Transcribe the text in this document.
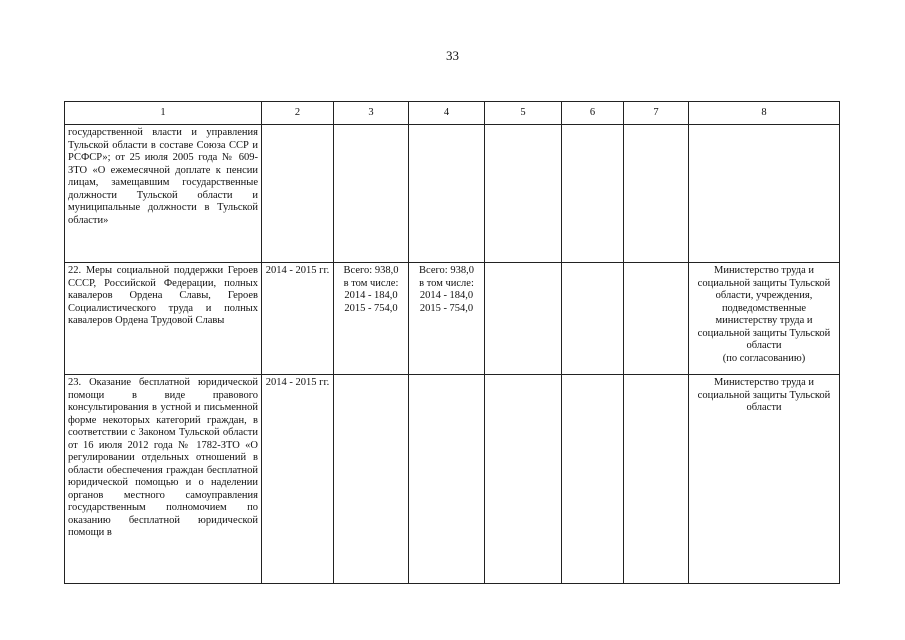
33
1	2	3	4	5	6	7	8
государственной власти и управления Тульской области в составе Союза ССР и РСФСР»; от 25 июля 2005 года № 609-ЗТО «О ежемесячной доплате к пенсии лицам, замещавшим государственные должности Тульской области и муниципальные должности в Тульской области»							
22. Меры социальной поддержки Героев СССР, Российской Федерации, полных кавалеров Ордена Славы, Героев Социалистического труда и полных кавалеров Ордена Трудовой Славы	2014 - 2015 гг.	Всего: 938,0
в том числе:
2014 - 184,0
2015 - 754,0	Всего: 938,0
в том числе:
2014 - 184,0
2015 - 754,0				Министерство труда и социальной защиты Тульской области, учреждения, подведомственные министерству труда и социальной защиты Тульской области
(по согласованию)
23. Оказание бесплатной юридической помощи в виде правового консультирования в устной и письменной форме некоторых категорий граждан, в соответствии с Законом Тульской области от 16 июля 2012 года № 1782-ЗТО «О регулировании отдельных отношений в области обеспечения граждан бесплатной юридической помощью и о наделении органов местного самоуправления государственным полномочием по оказанию бесплатной юридической помощи в	2014 - 2015 гг.						Министерство труда и социальной защиты Тульской области
